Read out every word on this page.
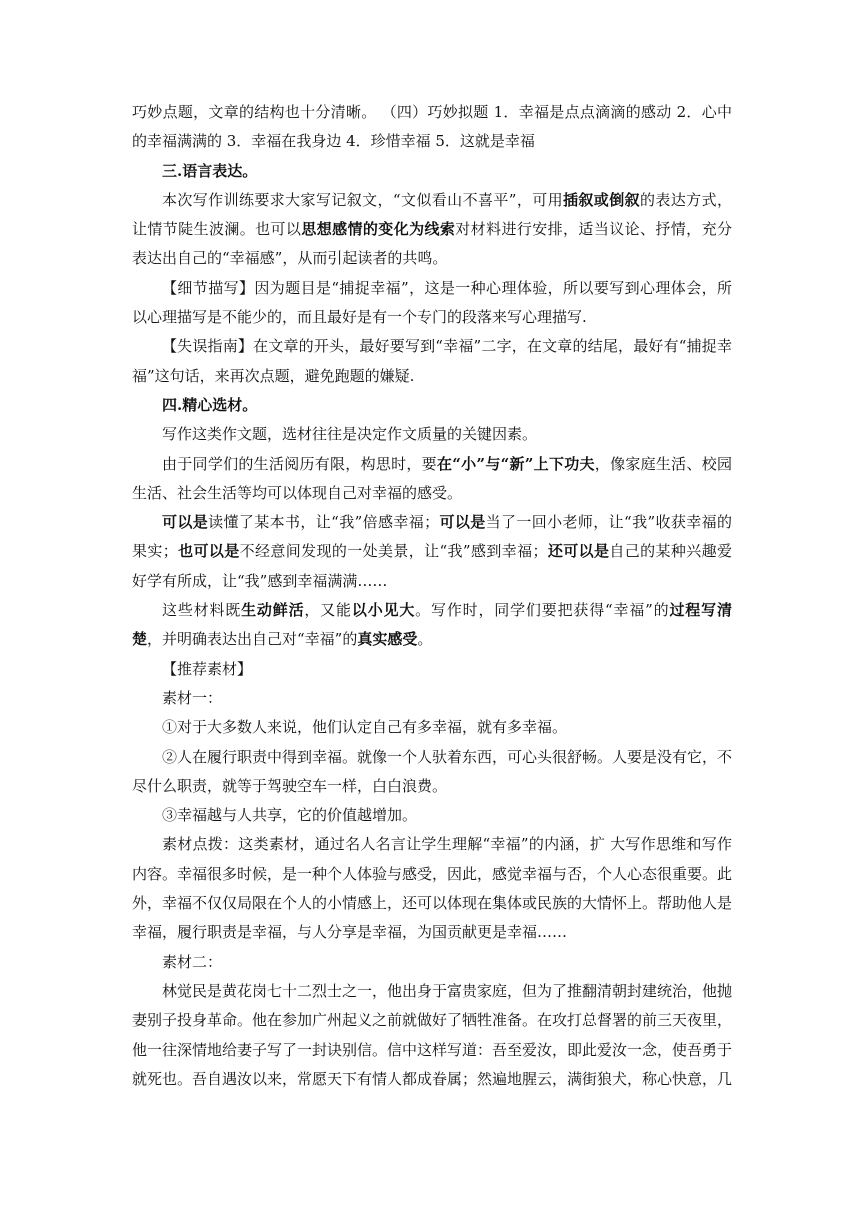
巧妙点题，文章的结构也十分清晰。 （四）巧妙拟题 1．幸福是点点滴滴的感动 2．心中的幸福满满的 3．幸福在我身边 4．珍惜幸福 5．这就是幸福

三.语言表达。

本次写作训练要求大家写记叙文，“文似看山不喜平”，可用插叙或倒叙的表达方式，让情节陡生波澜。也可以思想感情的变化为线索对材料进行安排，适当议论、抒情，充分表达出自己的“幸福感”，从而引起读者的共鸣。

【细节描写】因为题目是“捕捉幸福”，这是一种心理体验，所以要写到心理体会，所以心理描写是不能少的，而且最好是有一个专门的段落来写心理描写.

【失误指南】在文章的开头，最好要写到“幸福”二字，在文章的结尾，最好有“捕捉幸福”这句话，来再次点题，避免跑题的嫌疑.

四.精心选材。

写作这类作文题，选材往往是决定作文质量的关键因素。

由于同学们的生活阅历有限，构思时，要在“小”与“新”上下功夫，像家庭生活、校园生活、社会生活等均可以体现自己对幸福的感受。

可以是读懂了某本书，让“我”倍感幸福；可以是当了一回小老师，让“我”收获幸福的果实；也可以是不经意间发现的一处美景，让“我”感到幸福；还可以是自己的某种兴趣爱好学有所成，让“我”感到幸福满满……

这些材料既生动鲜活，又能以小见大。写作时，同学们要把获得“幸福”的过程写清楚，并明确表达出自己对“幸福”的真实感受。

【推荐素材】

素材一：

①对于大多数人来说，他们认定自己有多幸福，就有多幸福。

②人在履行职责中得到幸福。就像一个人驮着东西，可心头很舒畅。人要是没有它，不尽什么职责，就等于驾驶空车一样，白白浪费。

③幸福越与人共享，它的价值越增加。

素材点拨：这类素材，通过名人名言让学生理解“幸福”的内涵，扩 大写作思维和写作内容。幸福很多时候，是一种个人体验与感受，因此，感觉幸福与否，个人心态很重要。此外，幸福不仅仅局限在个人的小情感上，还可以体现在集体或民族的大情怀上。帮助他人是幸福，履行职责是幸福，与人分享是幸福，为国贡献更是幸福……

素材二：

林觉民是黄花岗七十二烈士之一，他出身于富贵家庭，但为了推翻清朝封建统治，他抛妻别子投身革命。他在参加广州起义之前就做好了牺牲准备。在攻打总督署的前三天夜里，他一往深情地给妻子写了一封诀别信。信中这样写道：吾至爱汝，即此爱汝一念，使吾勇于就死也。吾自遇汝以来，常愿天下有情人都成眷属；然遍地腥云，满街狼犬，称心快意，几
